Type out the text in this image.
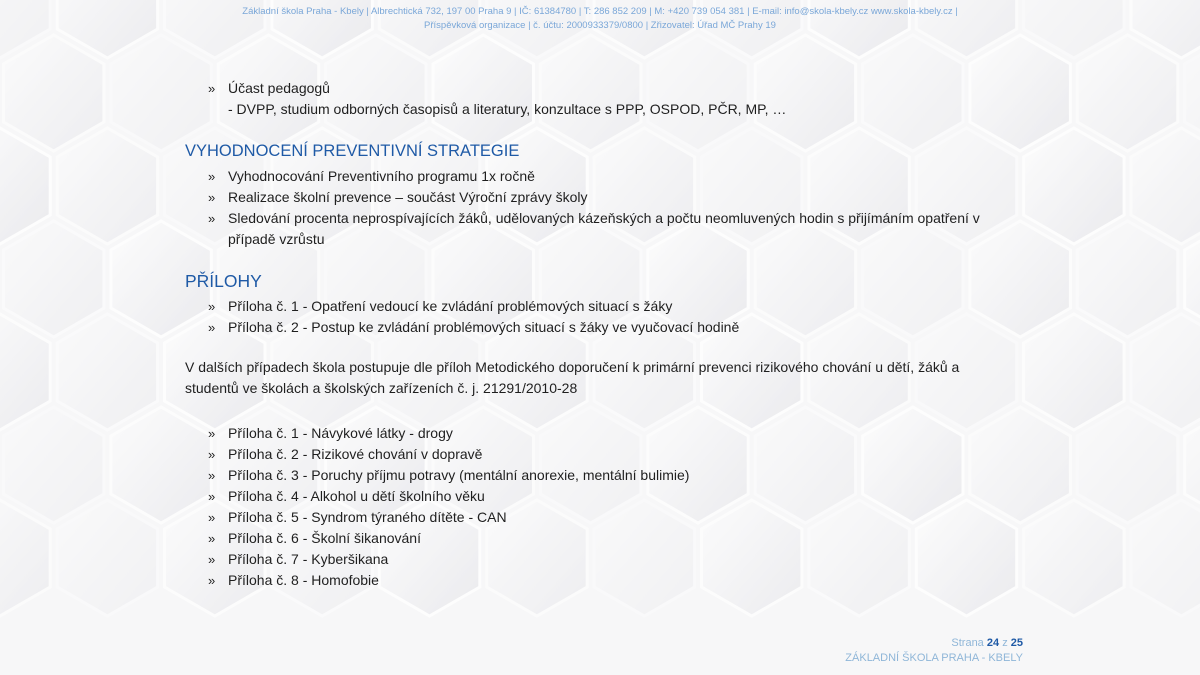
Základní škola Praha - Kbely | Albrechtická 732, 197 00 Praha 9 | IČ: 61384780 | T: 286 852 209 | M: +420 739 054 381 | E-mail: info@skola-kbely.cz www.skola-kbely.cz |
Příspěvková organizace | č. účtu: 2000933379/0800 | Zřizovatel: Úřad MČ Prahy 19
» Účast pedagogů
- DVPP, studium odborných časopisů a literatury, konzultace s PPP, OSPOD, PČR, MP, …
VYHODNOCENÍ PREVENTIVNÍ STRATEGIE
» Vyhodnocování Preventivního programu 1x ročně
» Realizace školní prevence – součást Výroční zprávy školy
» Sledování procenta neprospívajících žáků, udělovaných kázeňských a počtu neomluvených hodin s přijímáním opatření v případě vzrůstu
PŘÍLOHY
» Příloha č. 1 - Opatření vedoucí ke zvládání problémových situací s žáky
» Příloha č. 2 - Postup ke zvládání problémových situací s žáky ve vyučovací hodině

V dalších případech škola postupuje dle příloh Metodického doporučení k primární prevenci rizikového chování u dětí, žáků a studentů ve školách a školských zařízeních č. j. 21291/2010-28

» Příloha č. 1 - Návykové látky - drogy
» Příloha č. 2 - Rizikové chování v dopravě
» Příloha č. 3 - Poruchy příjmu potravy (mentální anorexie, mentální bulimie)
» Příloha č. 4 - Alkohol u dětí školního věku
» Příloha č. 5 - Syndrom týraného dítěte - CAN
» Příloha č. 6 - Školní šikanování
» Příloha č. 7 - Kyberšikana
» Příloha č. 8 - Homofobie
Strana 24 z 25
ZÁKLADNÍ ŠKOLA PRAHA - KBELY
